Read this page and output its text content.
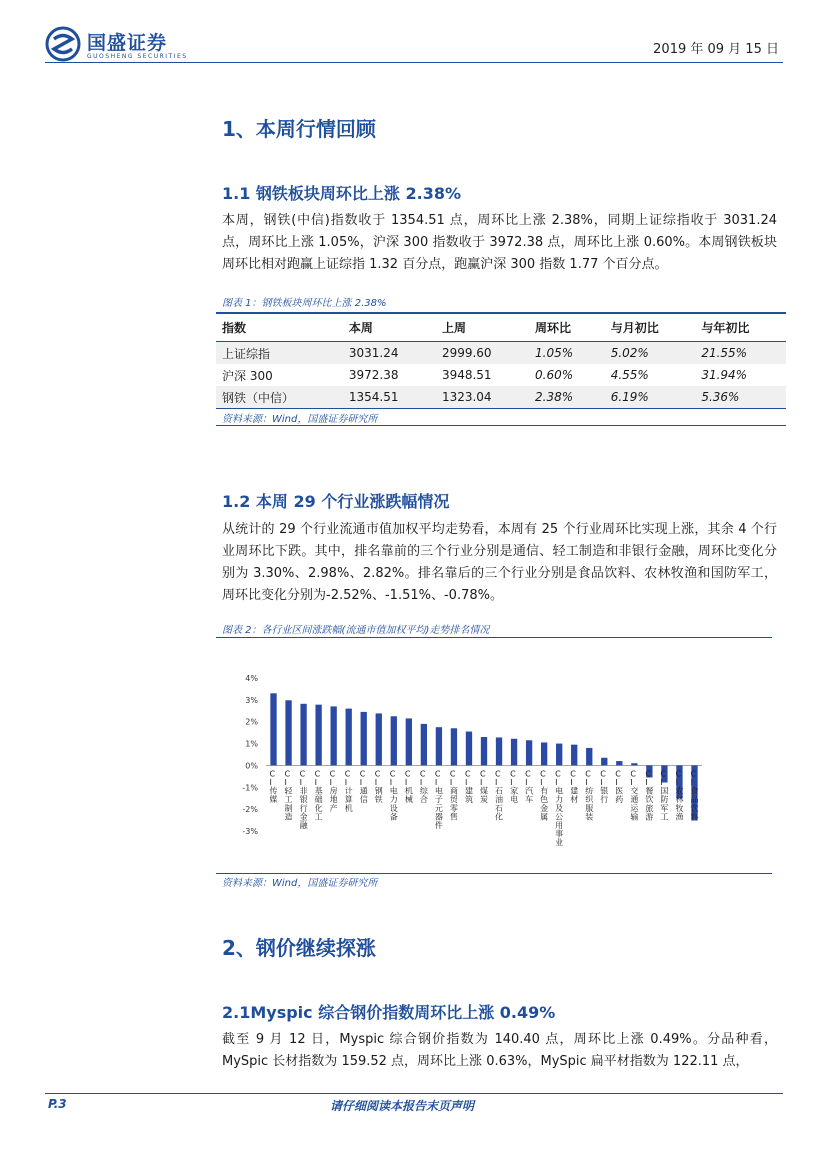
国盛证券
GUOSHENG SECURITIES	2019 年 09 月 15 日
1、本周行情回顾
1.1 钢铁板块周环比上涨 2.38%
本周，钢铁(中信)指数收于 1354.51 点，周环比上涨 2.38%，同期上证综指收于 3031.24 点，周环比上涨 1.05%，沪深 300 指数收于 3972.38 点，周环比上涨 0.60%。本周钢铁板块周环比相对跑赢上证综指 1.32 百分点，跑赢沪深 300 指数 1.77 个百分点。
图表 1：钢铁板块周环比上涨 2.38%
指数	本周	上周	周环比	与月初比	与年初比
上证综指	3031.24	2999.60	1.05%	5.02%	21.55%
沪深 300	3972.38	3948.51	0.60%	4.55%	31.94%
钢铁（中信）	1354.51	1323.04	2.38%	6.19%	5.36%
资料来源：Wind，国盛证券研究所
1.2 本周 29 个行业涨跌幅情况
从统计的 29 个行业流通市值加权平均走势看，本周有 25 个行业周环比实现上涨，其余 4 个行业周环比下跌。其中，排名靠前的三个行业分别是通信、轻工制造和非银行金融，周环比变化分别为 3.30%、2.98%、2.82%。排名靠后的三个行业分别是食品饮料、农林牧渔和国防军工，周环比变化分别为-2.52%、-1.51%、-0.78%。
图表 2：各行业区间涨跌幅(流通市值加权平均)走势排名情况
4%
3%
2%
1%
0%
-1%
-2%
-3%
C I 传媒
C I 轻工制造
C I 非银行金融
C I 基础化工
C I 房地产
C I 计算机
C I 通信
C I 钢铁
C I 电力设备
C I 机械
C I 综合
C I 电子元器件
C I 商贸零售
C I 建筑
C I 煤炭
C I 石油石化
C I 家电
C I 汽车
C I 有色金属
C I 电力及公用事业
C I 建材
C I 纺织服装
C I 银行
C I 医药
C I 交通运输
C I 餐饮旅游
C I 国防军工
C I 农林牧渔
C I 食品饮料
资料来源：Wind，国盛证券研究所
2、钢价继续探涨
2.1Myspic 综合钢价指数周环比上涨 0.49%
截至 9 月 12 日，Myspic 综合钢价指数为 140.40 点，周环比上涨 0.49%。分品种看，MySpic 长材指数为 159.52 点，周环比上涨 0.63%，MySpic 扁平材指数为 122.11 点，
P.3	请仔细阅读本报告末页声明
